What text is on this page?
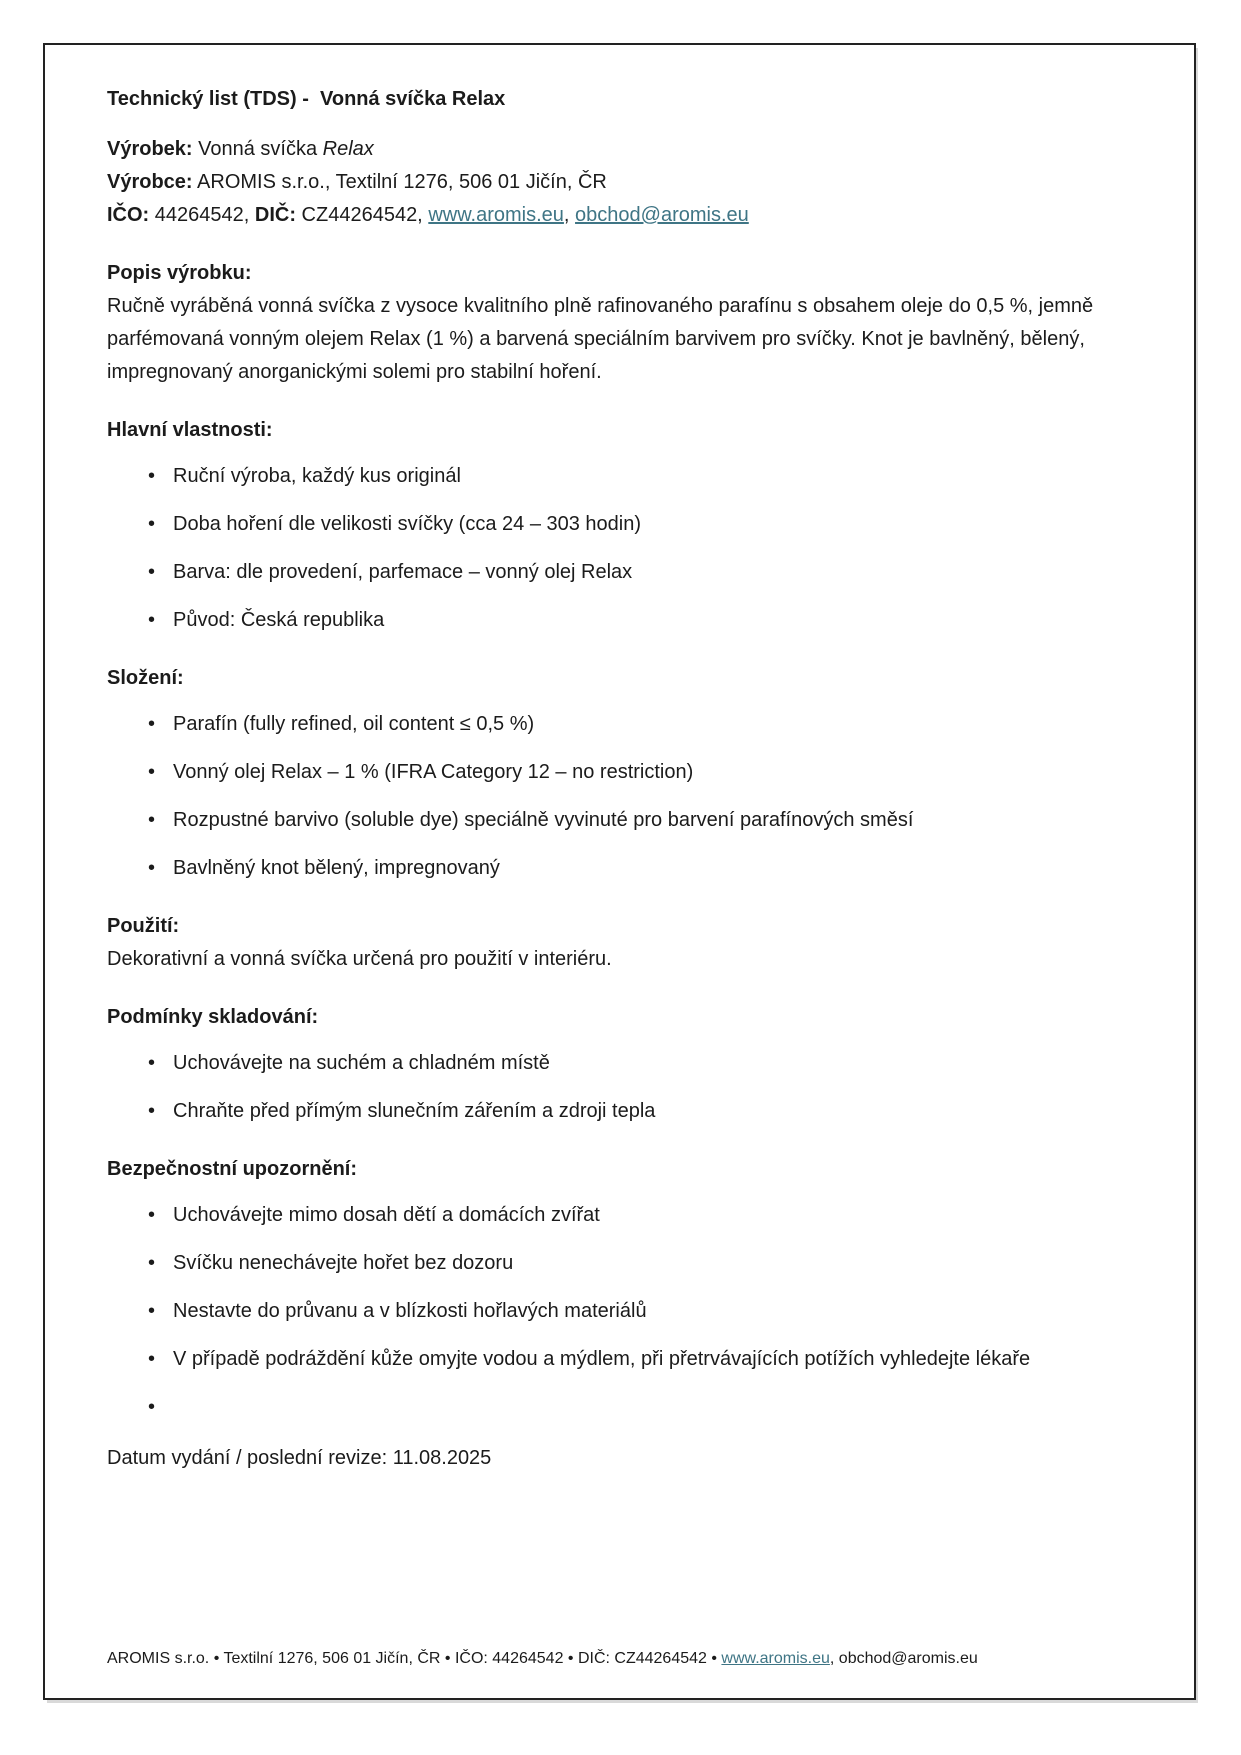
Technický list (TDS) -  Vonná svíčka Relax

Výrobek: Vonná svíčka Relax

Výrobce: AROMIS s.r.o., Textilní 1276, 506 01 Jičín, ČR

IČO: 44264542, DIČ: CZ44264542, www.aromis.eu, obchod@aromis.eu

Popis výrobku:

Ručně vyráběná vonná svíčka z vysoce kvalitního plně rafinovaného parafínu s obsahem oleje do 0,5 %, jemně parfémovaná vonným olejem Relax (1 %) a barvená speciálním barvivem pro svíčky. Knot je bavlněný, bělený, impregnovaný anorganickými solemi pro stabilní hoření.

Hlavní vlastnosti:
• Ruční výroba, každý kus originál
• Doba hoření dle velikosti svíčky (cca 24 – 303 hodin)
• Barva: dle provedení, parfemace – vonný olej Relax
• Původ: Česká republika
Složení:
• Parafín (fully refined, oil content ≤ 0,5 %)
• Vonný olej Relax – 1 % (IFRA Category 12 – no restriction)
• Rozpustné barvivo (soluble dye) speciálně vyvinuté pro barvení parafínových směsí
• Bavlněný knot bělený, impregnovaný
Použití:

Dekorativní a vonná svíčka určená pro použití v interiéru.

Podmínky skladování:
• Uchovávejte na suchém a chladném místě
• Chraňte před přímým slunečním zářením a zdroji tepla
Bezpečnostní upozornění:
• Uchovávejte mimo dosah dětí a domácích zvířat
• Svíčku nenechávejte hořet bez dozoru
• Nestavte do průvanu a v blízkosti hořlavých materiálů
• V případě podráždění kůže omyjte vodou a mýdlem, při přetrvávajících potížích vyhledejte lékaře
•

Datum vydání / poslední revize: 11.08.2025

AROMIS s.r.o. • Textilní 1276, 506 01 Jičín, ČR • IČO: 44264542 • DIČ: CZ44264542 • www.aromis.eu, obchod@aromis.eu
